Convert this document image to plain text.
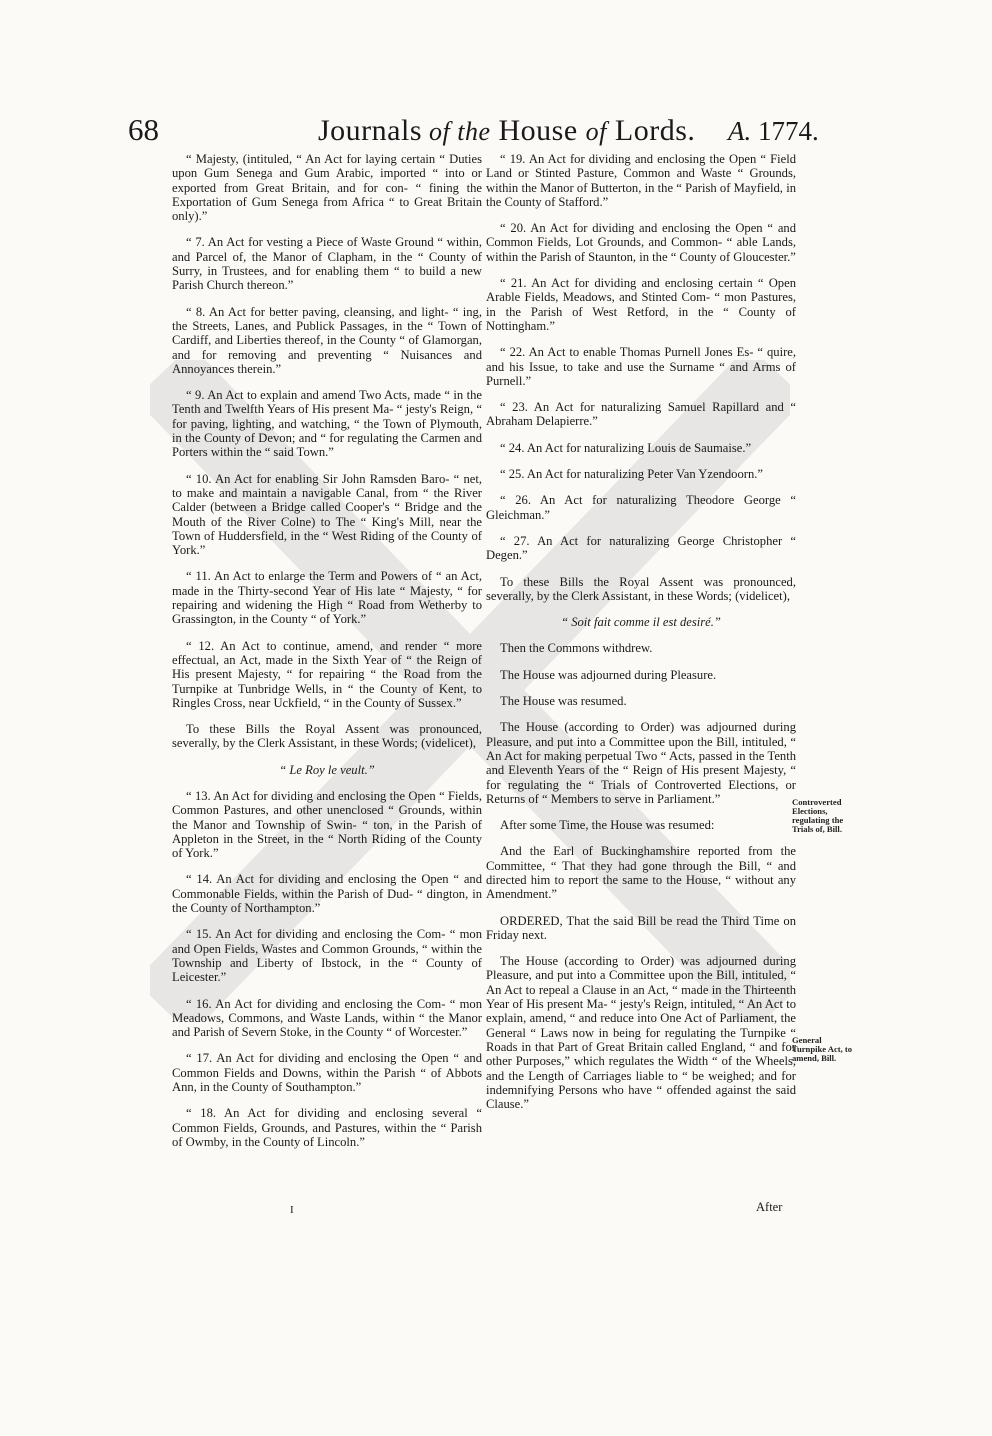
68	Journals of the House of Lords. A. 1774.

“ Majesty, (intituled, “ An Act for laying certain “ Duties upon Gum Senega and Gum Arabic, imported “ into or exported from Great Britain, and for con- “ fining the Exportation of Gum Senega from Africa “ to Great Britain only).”

“ 7. An Act for vesting a Piece of Waste Ground “ within, and Parcel of, the Manor of Clapham, in the “ County of Surry, in Trustees, and for enabling them “ to build a new Parish Church thereon.”

“ 8. An Act for better paving, cleansing, and light- “ ing, the Streets, Lanes, and Publick Passages, in the “ Town of Cardiff, and Liberties thereof, in the County “ of Glamorgan, and for removing and preventing “ Nuisances and Annoyances therein.”

“ 9. An Act to explain and amend Two Acts, made “ in the Tenth and Twelfth Years of His present Ma- “ jesty's Reign, “ for paving, lighting, and watching, “ the Town of Plymouth, in the County of Devon; and “ for regulating the Carmen and Porters within the “ said Town.”

“ 10. An Act for enabling Sir John Ramsden Baro- “ net, to make and maintain a navigable Canal, from “ the River Calder (between a Bridge called Cooper's “ Bridge and the Mouth of the River Colne) to The “ King's Mill, near the Town of Huddersfield, in the “ West Riding of the County of York.”

“ 11. An Act to enlarge the Term and Powers of “ an Act, made in the Thirty-second Year of His late “ Majesty, “ for repairing and widening the High “ Road from Wetherby to Grassington, in the County “ of York.”

“ 12. An Act to continue, amend, and render “ more effectual, an Act, made in the Sixth Year of “ the Reign of His present Majesty, “ for repairing “ the Road from the Turnpike at Tunbridge Wells, in “ the County of Kent, to Ringles Cross, near Uckfield, “ in the County of Sussex.”

To these Bills the Royal Assent was pronounced, severally, by the Clerk Assistant, in these Words; (videlicet),

“ Le Roy le veult.”

“ 13. An Act for dividing and enclosing the Open “ Fields, Common Pastures, and other unenclosed “ Grounds, within the Manor and Township of Swin- “ ton, in the Parish of Appleton in the Street, in the “ North Riding of the County of York.”

“ 14. An Act for dividing and enclosing the Open “ and Commonable Fields, within the Parish of Dud- “ dington, in the County of Northampton.”

“ 15. An Act for dividing and enclosing the Com- “ mon and Open Fields, Wastes and Common Grounds, “ within the Township and Liberty of Ibstock, in the “ County of Leicester.”

“ 16. An Act for dividing and enclosing the Com- “ mon Meadows, Commons, and Waste Lands, within “ the Manor and Parish of Severn Stoke, in the County “ of Worcester.”

“ 17. An Act for dividing and enclosing the Open “ and Common Fields and Downs, within the Parish “ of Abbots Ann, in the County of Southampton.”

“ 18. An Act for dividing and enclosing several “ Common Fields, Grounds, and Pastures, within the “ Parish of Owmby, in the County of Lincoln.”

“ 19. An Act for dividing and enclosing the Open “ Field Land or Stinted Pasture, Common and Waste “ Grounds, within the Manor of Butterton, in the “ Parish of Mayfield, in the County of Stafford.”

“ 20. An Act for dividing and enclosing the Open “ and Common Fields, Lot Grounds, and Common- “ able Lands, within the Parish of Staunton, in the “ County of Gloucester.”

“ 21. An Act for dividing and enclosing certain “ Open Arable Fields, Meadows, and Stinted Com- “ mon Pastures, in the Parish of West Retford, in the “ County of Nottingham.”

“ 22. An Act to enable Thomas Purnell Jones Es- “ quire, and his Issue, to take and use the Surname “ and Arms of Purnell.”

“ 23. An Act for naturalizing Samuel Rapillard and “ Abraham Delapierre.”

“ 24. An Act for naturalizing Louis de Saumaise.”

“ 25. An Act for naturalizing Peter Van Yzendoorn.”

“ 26. An Act for naturalizing Theodore George “ Gleichman.”

“ 27. An Act for naturalizing George Christopher “ Degen.”

To these Bills the Royal Assent was pronounced, severally, by the Clerk Assistant, in these Words; (videlicet),

“ Soit fait comme il est desiré.”

Then the Commons withdrew.

The House was adjourned during Pleasure.

The House was resumed.

The House (according to Order) was adjourned during Pleasure, and put into a Committee upon the Bill, intituled, “ An Act for making perpetual Two “ Acts, passed in the Tenth and Eleventh Years of the “ Reign of His present Majesty, “ for regulating the “ Trials of Controverted Elections, or Returns of “ Members to serve in Parliament.”

After some Time, the House was resumed:

And the Earl of Buckinghamshire reported from the Committee, “ That they had gone through the Bill, “ and directed him to report the same to the House, “ without any Amendment.”

ORDERED, That the said Bill be read the Third Time on Friday next.

The House (according to Order) was adjourned during Pleasure, and put into a Committee upon the Bill, intituled, “ An Act to repeal a Clause in an Act, “ made in the Thirteenth Year of His present Ma- “ jesty's Reign, intituled, “ An Act to explain, amend, “ and reduce into One Act of Parliament, the General “ Laws now in being for regulating the Turnpike “ Roads in that Part of Great Britain called England, “ and for other Purposes,” which regulates the Width “ of the Wheels, and the Length of Carriages liable to “ be weighed; and for indemnifying Persons who have “ offended against the said Clause.”

Controverted Elections, regulating the Trials of, Bill.
General Turnpike Act, to amend, Bill.
I	After
